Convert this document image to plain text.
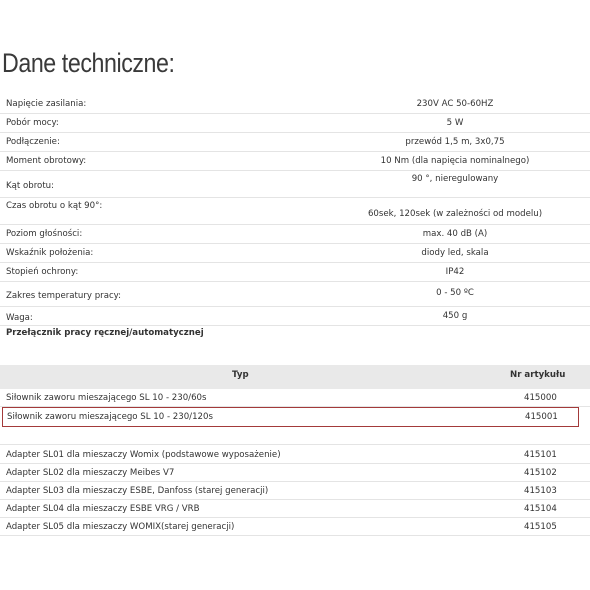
Dane techniczne:
Napięcie zasilania:	230V AC 50-60HZ
Pobór mocy:	5 W
Podłączenie:	przewód 1,5 m, 3x0,75
Moment obrotowy:	10 Nm (dla napięcia nominalnego)
Kąt obrotu:
90 °, nieregulowany
Czas obrotu o kąt 90°:
60sek, 120sek (w zależności od modelu)
Poziom głośności:	max. 40 dB (A)
Wskaźnik położenia:	diody led, skala
Stopień ochrony:	IP42
Zakres temperatury pracy:	0 - 50 ºC
Waga:	450 g
Przełącznik pracy ręcznej/automatycznej
Typ	Nr artykułu
Siłownik zaworu mieszającego SL 10 - 230/60s	415000
Siłownik zaworu mieszającego SL 10 - 230/120s	415001
Adapter SL01 dla mieszaczy Womix (podstawowe wyposażenie)	415101
Adapter SL02 dla mieszaczy Meibes V7	415102
Adapter SL03 dla mieszaczy ESBE, Danfoss (starej generacji)	415103
Adapter SL04 dla mieszaczy ESBE VRG / VRB	415104
Adapter SL05 dla mieszaczy WOMIX(starej generacji)	415105
